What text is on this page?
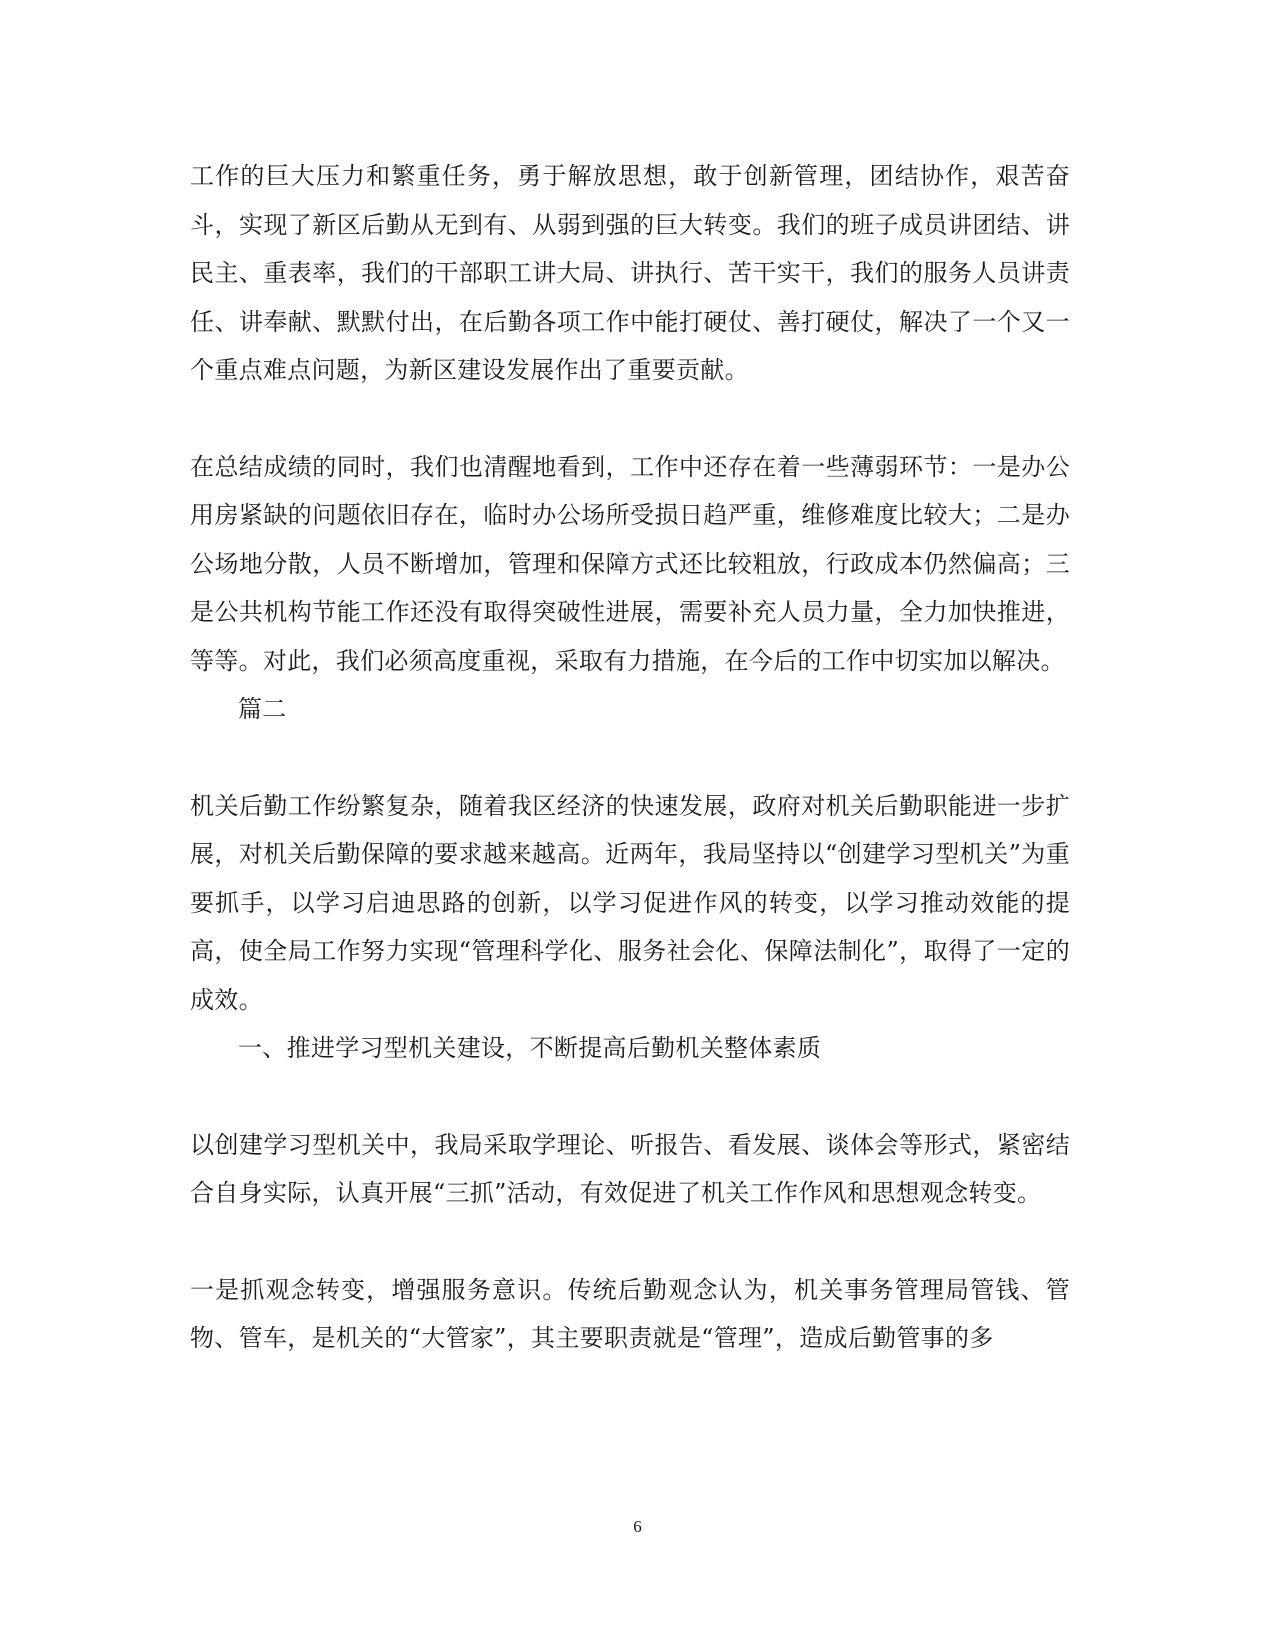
工作的巨大压力和繁重任务，勇于解放思想，敢于创新管理，团结协作，艰苦奋斗，实现了新区后勤从无到有、从弱到强的巨大转变。我们的班子成员讲团结、讲民主、重表率，我们的干部职工讲大局、讲执行、苦干实干，我们的服务人员讲责任、讲奉献、默默付出，在后勤各项工作中能打硬仗、善打硬仗，解决了一个又一个重点难点问题，为新区建设发展作出了重要贡献。

在总结成绩的同时，我们也清醒地看到，工作中还存在着一些薄弱环节：一是办公用房紧缺的问题依旧存在，临时办公场所受损日趋严重，维修难度比较大；二是办公场地分散，人员不断增加，管理和保障方式还比较粗放，行政成本仍然偏高；三是公共机构节能工作还没有取得突破性进展，需要补充人员力量，全力加快推进，等等。对此，我们必须高度重视，采取有力措施，在今后的工作中切实加以解决。

篇二

机关后勤工作纷繁复杂，随着我区经济的快速发展，政府对机关后勤职能进一步扩展，对机关后勤保障的要求越来越高。近两年，我局坚持以“创建学习型机关”为重要抓手，以学习启迪思路的创新，以学习促进作风的转变，以学习推动效能的提高，使全局工作努力实现“管理科学化、服务社会化、保障法制化”，取得了一定的成效。

一、推进学习型机关建设，不断提高后勤机关整体素质

以创建学习型机关中，我局采取学理论、听报告、看发展、谈体会等形式，紧密结合自身实际，认真开展“三抓”活动，有效促进了机关工作作风和思想观念转变。

一是抓观念转变，增强服务意识。传统后勤观念认为，机关事务管理局管钱、管物、管车，是机关的“大管家”，其主要职责就是“管理”，造成后勤管事的多

6
